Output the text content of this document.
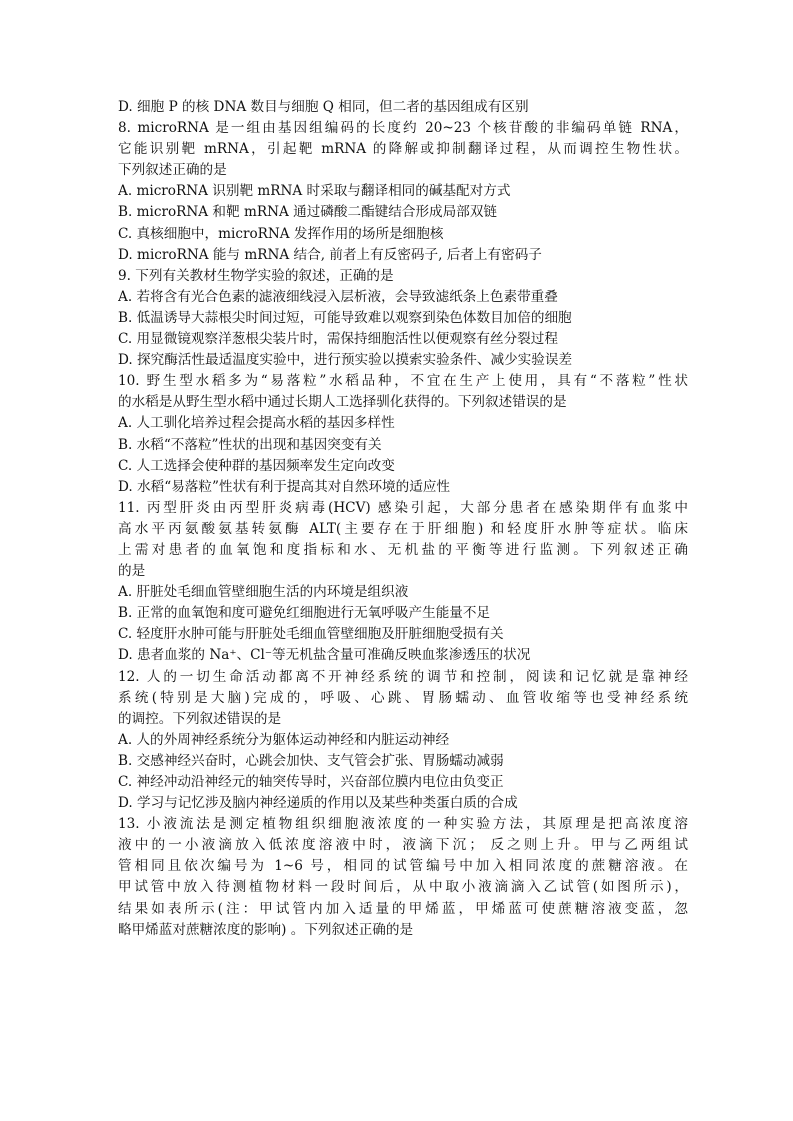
D. 细胞 P 的核 DNA 数目与细胞 Q 相同，但二者的基因组成有区别
8. microRNA 是一组由基因组编码的长度约 20~23 个核苷酸的非编码单链 RNA，
它能识别靶 mRNA，引起靶 mRNA 的降解或抑制翻译过程，从而调控生物性状。
下列叙述正确的是
A. microRNA 识别靶 mRNA 时采取与翻译相同的碱基配对方式
B. microRNA 和靶 mRNA 通过磷酸二酯键结合形成局部双链
C. 真核细胞中，microRNA 发挥作用的场所是细胞核
D. microRNA 能与 mRNA 结合, 前者上有反密码子, 后者上有密码子
9. 下列有关教材生物学实验的叙述，正确的是
A. 若将含有光合色素的滤液细线浸入层析液，会导致滤纸条上色素带重叠
B. 低温诱导大蒜根尖时间过短，可能导致难以观察到染色体数目加倍的细胞
C. 用显微镜观察洋葱根尖装片时，需保持细胞活性以便观察有丝分裂过程
D. 探究酶活性最适温度实验中，进行预实验以摸索实验条件、减少实验误差
10. 野生型水稻多为“易落粒”水稻品种，不宜在生产上使用，具有“不落粒”性状
的水稻是从野生型水稻中通过长期人工选择驯化获得的。下列叙述错误的是
A. 人工驯化培养过程会提高水稻的基因多样性
B. 水稻“不落粒”性状的出现和基因突变有关
C. 人工选择会使种群的基因频率发生定向改变
D. 水稻“易落粒”性状有利于提高其对自然环境的适应性
11. 丙型肝炎由丙型肝炎病毒(HCV) 感染引起，大部分患者在感染期伴有血浆中
高水平丙氨酸氨基转氨酶 ALT(主要存在于肝细胞) 和轻度肝水肿等症状。临床
上需对患者的血氧饱和度指标和水、无机盐的平衡等进行监测。下列叙述正确
的是
A. 肝脏处毛细血管壁细胞生活的内环境是组织液
B. 正常的血氧饱和度可避免红细胞进行无氧呼吸产生能量不足
C. 轻度肝水肿可能与肝脏处毛细血管壁细胞及肝脏细胞受损有关
D. 患者血浆的 Na⁺、Cl⁻等无机盐含量可准确反映血浆渗透压的状况
12. 人的一切生命活动都离不开神经系统的调节和控制，阅读和记忆就是靠神经
系统(特别是大脑)完成的，呼吸、心跳、胃肠蠕动、血管收缩等也受神经系统
的调控。下列叙述错误的是
A. 人的外周神经系统分为躯体运动神经和内脏运动神经
B. 交感神经兴奋时，心跳会加快、支气管会扩张、胃肠蠕动减弱
C. 神经冲动沿神经元的轴突传导时，兴奋部位膜内电位由负变正
D. 学习与记忆涉及脑内神经递质的作用以及某些种类蛋白质的合成
13. 小液流法是测定植物组织细胞液浓度的一种实验方法，其原理是把高浓度溶
液中的一小液滴放入低浓度溶液中时，液滴下沉； 反之则上升。甲与乙两组试
管相同且依次编号为 1~6 号，相同的试管编号中加入相同浓度的蔗糖溶液。在
甲试管中放入待测植物材料一段时间后，从中取小液滴滴入乙试管(如图所示)，
结果如表所示(注：甲试管内加入适量的甲烯蓝，甲烯蓝可使蔗糖溶液变蓝，忽
略甲烯蓝对蔗糖浓度的影响) 。下列叙述正确的是
